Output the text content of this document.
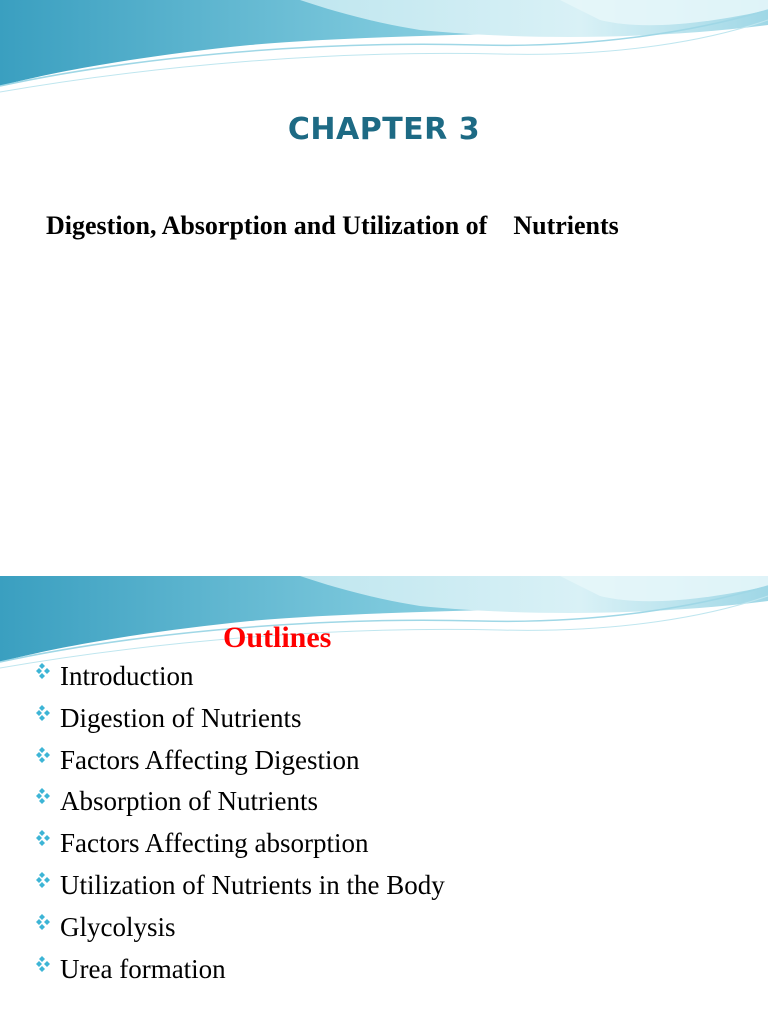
CHAPTER 3
Digestion, Absorption and Utilization of    Nutrients
Outlines
Introduction
Digestion of Nutrients
Factors Affecting Digestion
Absorption of Nutrients
Factors Affecting absorption
Utilization of Nutrients in the Body
Glycolysis
Urea formation
